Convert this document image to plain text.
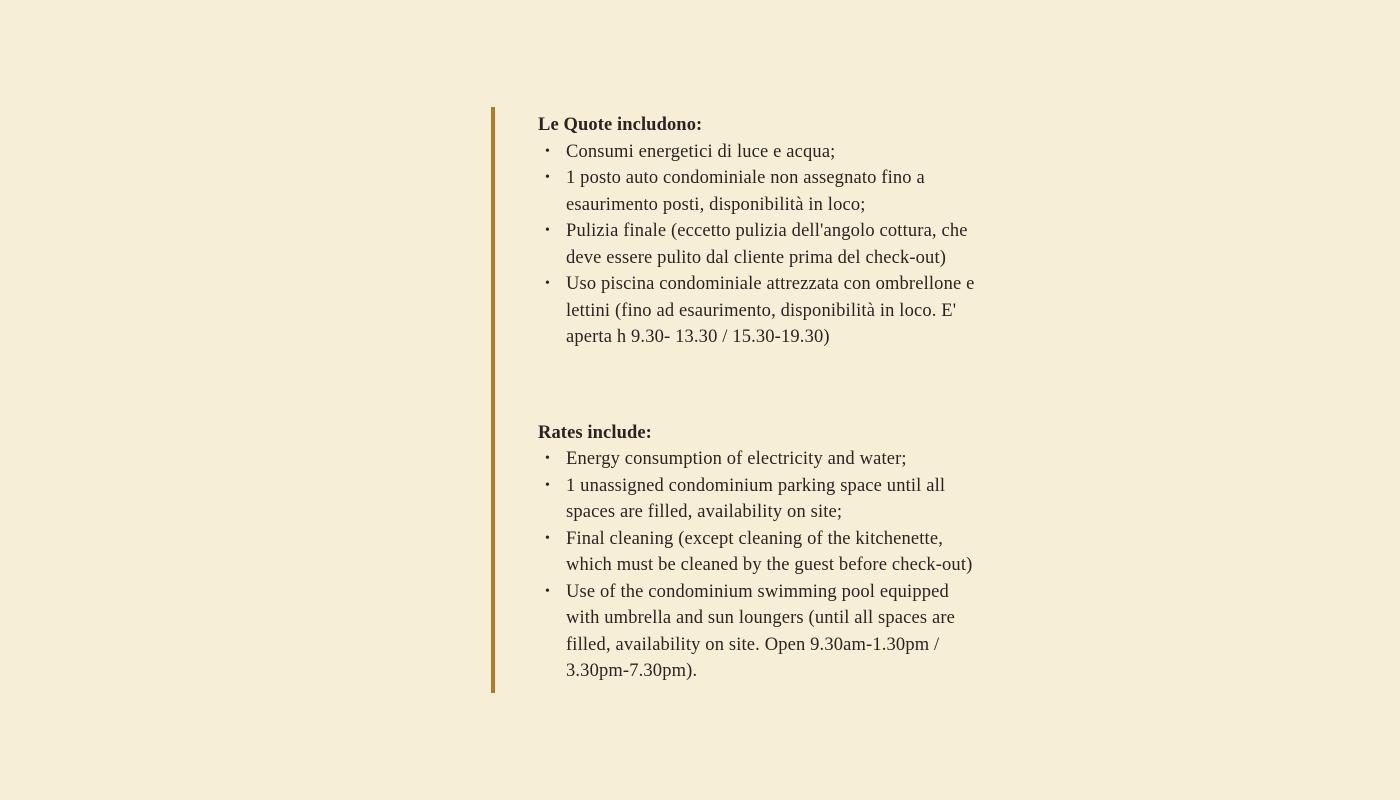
Le Quote includono:

• Consumi energetici di luce e acqua;
• 1 posto auto condominiale non assegnato fino a
esaurimento posti, disponibilità in loco;
• Pulizia finale (eccetto pulizia dell'angolo cottura, che
deve essere pulito dal cliente prima del check-out)
• Uso piscina condominiale attrezzata con ombrellone e
lettini (fino ad esaurimento, disponibilità in loco. E'
aperta h 9.30- 13.30 / 15.30-19.30)

Rates include:

• Energy consumption of electricity and water;
• 1 unassigned condominium parking space until all
spaces are filled, availability on site;
• Final cleaning (except cleaning of the kitchenette,
which must be cleaned by the guest before check-out)
• Use of the condominium swimming pool equipped
with umbrella and sun loungers (until all spaces are
filled, availability on site. Open 9.30am-1.30pm /
3.30pm-7.30pm).
